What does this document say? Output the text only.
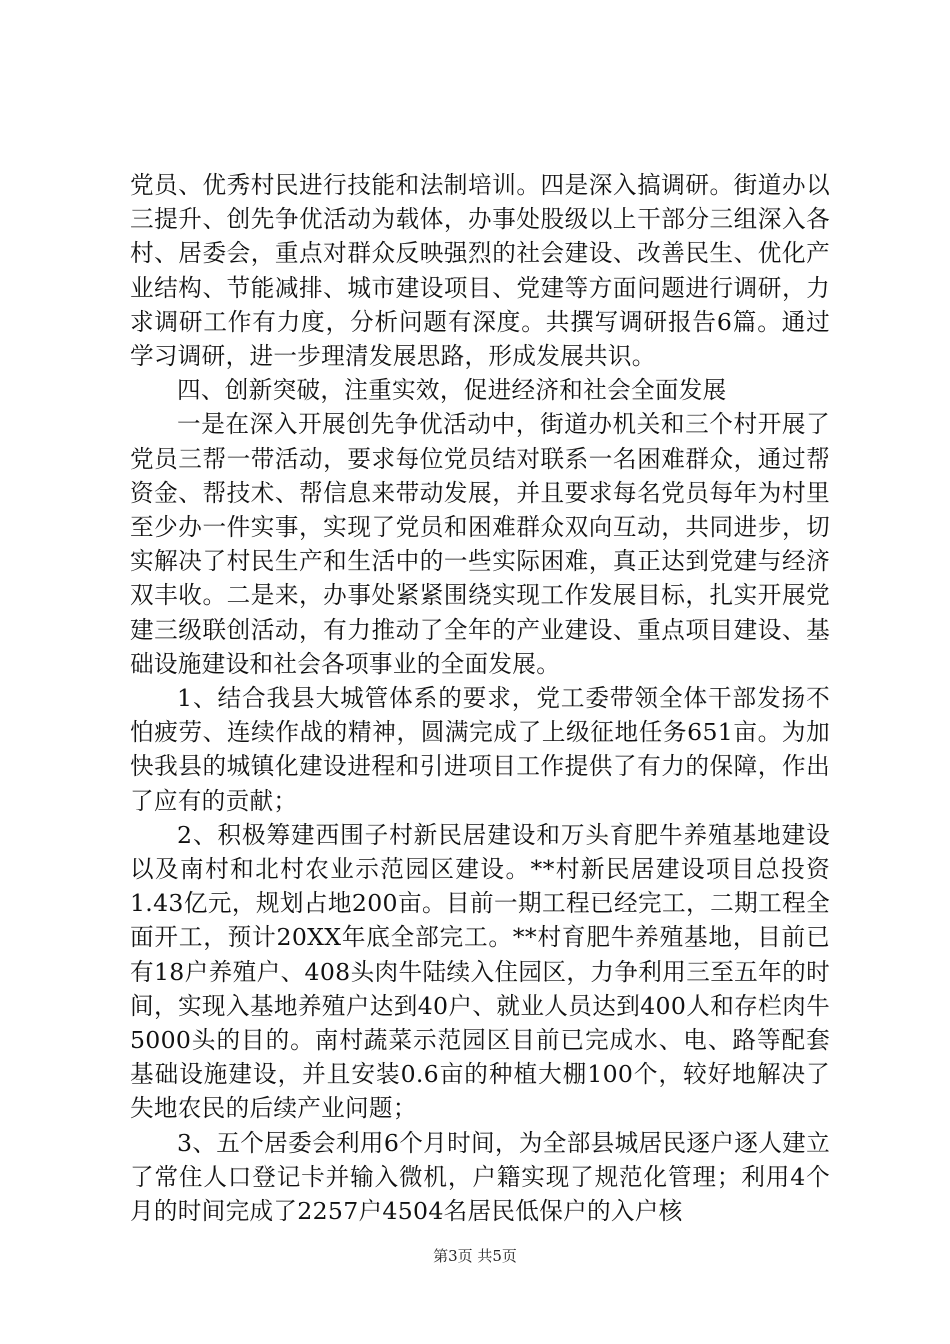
党员、优秀村民进行技能和法制培训。四是深入搞调研。街道办以三提升、创先争优活动为载体，办事处股级以上干部分三组深入各村、居委会，重点对群众反映强烈的社会建设、改善民生、优化产业结构、节能减排、城市建设项目、党建等方面问题进行调研，力求调研工作有力度，分析问题有深度。共撰写调研报告6篇。通过学习调研，进一步理清发展思路，形成发展共识。

四、创新突破，注重实效，促进经济和社会全面发展

一是在深入开展创先争优活动中，街道办机关和三个村开展了党员三帮一带活动，要求每位党员结对联系一名困难群众，通过帮资金、帮技术、帮信息来带动发展，并且要求每名党员每年为村里至少办一件实事，实现了党员和困难群众双向互动，共同进步，切实解决了村民生产和生活中的一些实际困难，真正达到党建与经济双丰收。二是来，办事处紧紧围绕实现工作发展目标，扎实开展党建三级联创活动，有力推动了全年的产业建设、重点项目建设、基础设施建设和社会各项事业的全面发展。

1、结合我县大城管体系的要求，党工委带领全体干部发扬不怕疲劳、连续作战的精神，圆满完成了上级征地任务651亩。为加快我县的城镇化建设进程和引进项目工作提供了有力的保障，作出了应有的贡献；

2、积极筹建西围子村新民居建设和万头育肥牛养殖基地建设以及南村和北村农业示范园区建设。**村新民居建设项目总投资1.43亿元，规划占地200亩。目前一期工程已经完工，二期工程全面开工，预计20XX年底全部完工。**村育肥牛养殖基地，目前已有18户养殖户、408头肉牛陆续入住园区，力争利用三至五年的时间，实现入基地养殖户达到40户、就业人员达到400人和存栏肉牛5000头的目的。南村蔬菜示范园区目前已完成水、电、路等配套基础设施建设，并且安装0.6亩的种植大棚100个，较好地解决了失地农民的后续产业问题；

3、五个居委会利用6个月时间，为全部县城居民逐户逐人建立了常住人口登记卡并输入微机，户籍实现了规范化管理；利用4个月的时间完成了2257户4504名居民低保户的入户核

第3页 共5页
